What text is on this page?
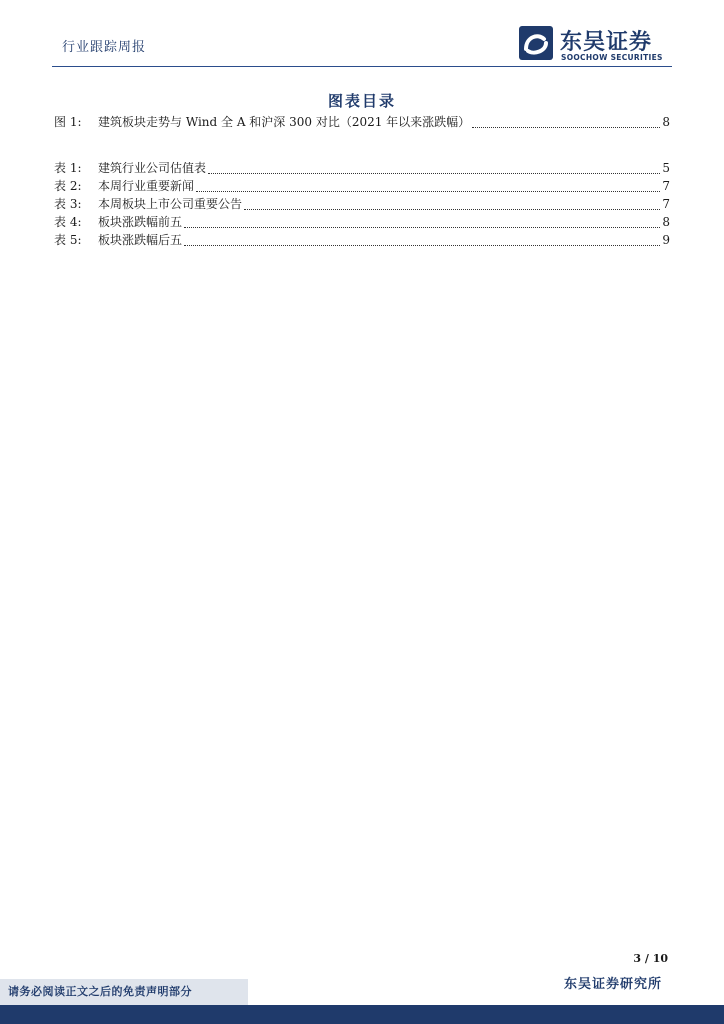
行业跟踪周报	东吴证券
SOOCHOW SECURITIES
图表目录
图 1:	建筑板块走势与 Wind 全 A 和沪深 300 对比（2021 年以来涨跌幅）	8
表 1:	建筑行业公司估值表	5
表 2:	本周行业重要新闻	7
表 3:	本周板块上市公司重要公告	7
表 4:	板块涨跌幅前五	8
表 5:	板块涨跌幅后五	9
3 / 10
东吴证券研究所
请务必阅读正文之后的免责声明部分
